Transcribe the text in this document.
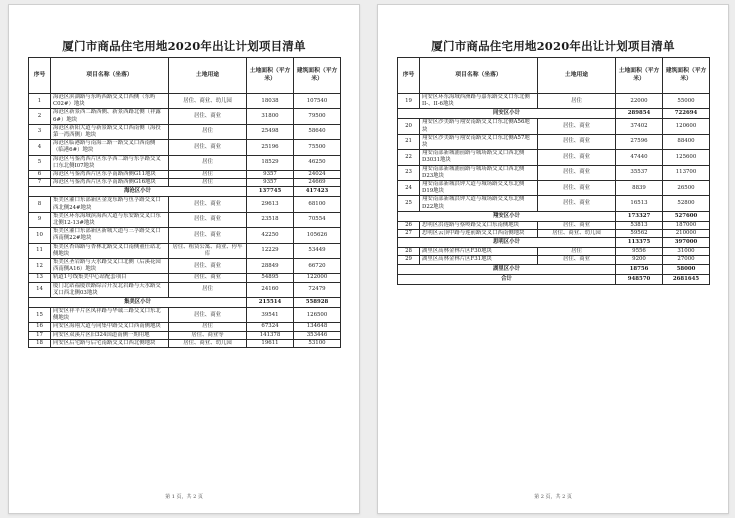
厦门市商品住宅用地2020年出让计划项目清单
序号	项目名称（坐落）	土地用途	土地面积（平方米）	建筑面积（平方米）
1	海沧区滨湖路与东屿西路交叉口西侧（东屿C02#）地块	居住、商业、幼儿园	18038	107540
2	海沧区新景西二路西侧、新景西路北侧（祥露6#）地块	居住、商业	31800	79500
3	海沧区新阳大道与新景路交叉口西南侧（海投第一湾西侧）地块	居住	25498	58640
4	海沧区临港路与南海三路一路交叉口西南侧（临港6#）地块	居住、商业	25196	75500
5	海沧区马銮湾西片区东孚西二路与东孚路交叉口东北侧I07地块	居住	18529	46250
6	海沧区马銮湾西片区东孚南路西侧G11地块	居住	9357	24024
7	海沧区马銮湾西片区东孚南路西侧G16地块	居住	9357	24669
海沧区小计			137745	417423
8	集美区灌口东部新区金龙东路与鱼孚路交叉口西北侧24#地块	居住、商业	29613	68100
9	集美区环东海域滨海西大道与东安路交叉口东北侧12-13#地块	居住、商业	23518	70554
10	集美区灌口东部新区新城大道与三孚路交叉口西南侧22#地块	居住、商业	42250	105626
11	集美区杏锦路与杏林北路交叉口南侧董任站北侧地块	居住、租赁公寓、商业、停车库	12229	53449
12	集美区圣岩路与天水路交叉口北侧（后溪花园西南侧A16）地块	居住、商业	28849	66720
13	轨道1号线集美中心站配套项目	居住、商业	54895	122000
14	厦门北站福厦铁路综合开发北岩路与天水路交叉口西北侧03地块	居住	24160	72479
集美区小计			215514	558928
15	同安区祥平片区凤祥路与华诚三路交叉口东北侧地块	居住、商业	39541	126500
16	同安区海翔大道与同集中路交叉口西南侧地块	居住	67324	134648
17	同安区双溪片区旧324国道南侧一期用地	居住、商业等	141378	353446
18	同安区后宅路与后宅南路交叉口西北侧地块	居住、商业、幼儿园	19611	53100
第 1 页，共 2 页
厦门市商品住宅用地2020年出让计划项目清单
序号	项目名称（坐落）	土地用途	土地面积（平方米）	建筑面积（平方米）
19	同安区环东海域西洲路与嘉东路交叉口东北侧II-、II-6地块	居住	22000	55000
同安区小计			289854	722694
20	翔安区沙美路与翔安南路交叉口东北侧A56地块	居住、商业	37402	120600
21	翔安区沙美路与翔安南路交叉口东北侧A57地块	居住、商业	27596	88400
22	翔安南部新城浦前路与城场路交叉口西北侧D3031地块	居住、商业	47440	125600
23	翔安南部新城浦前路与城场路交叉口西北侧D23地块	居住、商业	35537	113700
24	翔安南部新城洪钟大道与城场路交叉东北侧D19地块	居住、商业	8839	26500
25	翔安南部新城洪钟大道与城场路交叉东北侧D22地块	居住、商业	16513	52800
翔安区小计			173327	527600
26	思明区洪莲路与蔡岭路交叉口东南侧地块	居住、商业	53813	187000
27	思明区云顶中路与莲前路交叉口西南侧地块	居住、商业、幼儿园	59562	210000
思明区小计			113375	397000
28	湖里区高林金林片区F30地块	居住	9556	31000
29	湖里区高林金林片区F31地块	居住、商业	9200	27000
湖里区小计			18756	58000
合计			948570	2681645
第 2 页，共 2 页
